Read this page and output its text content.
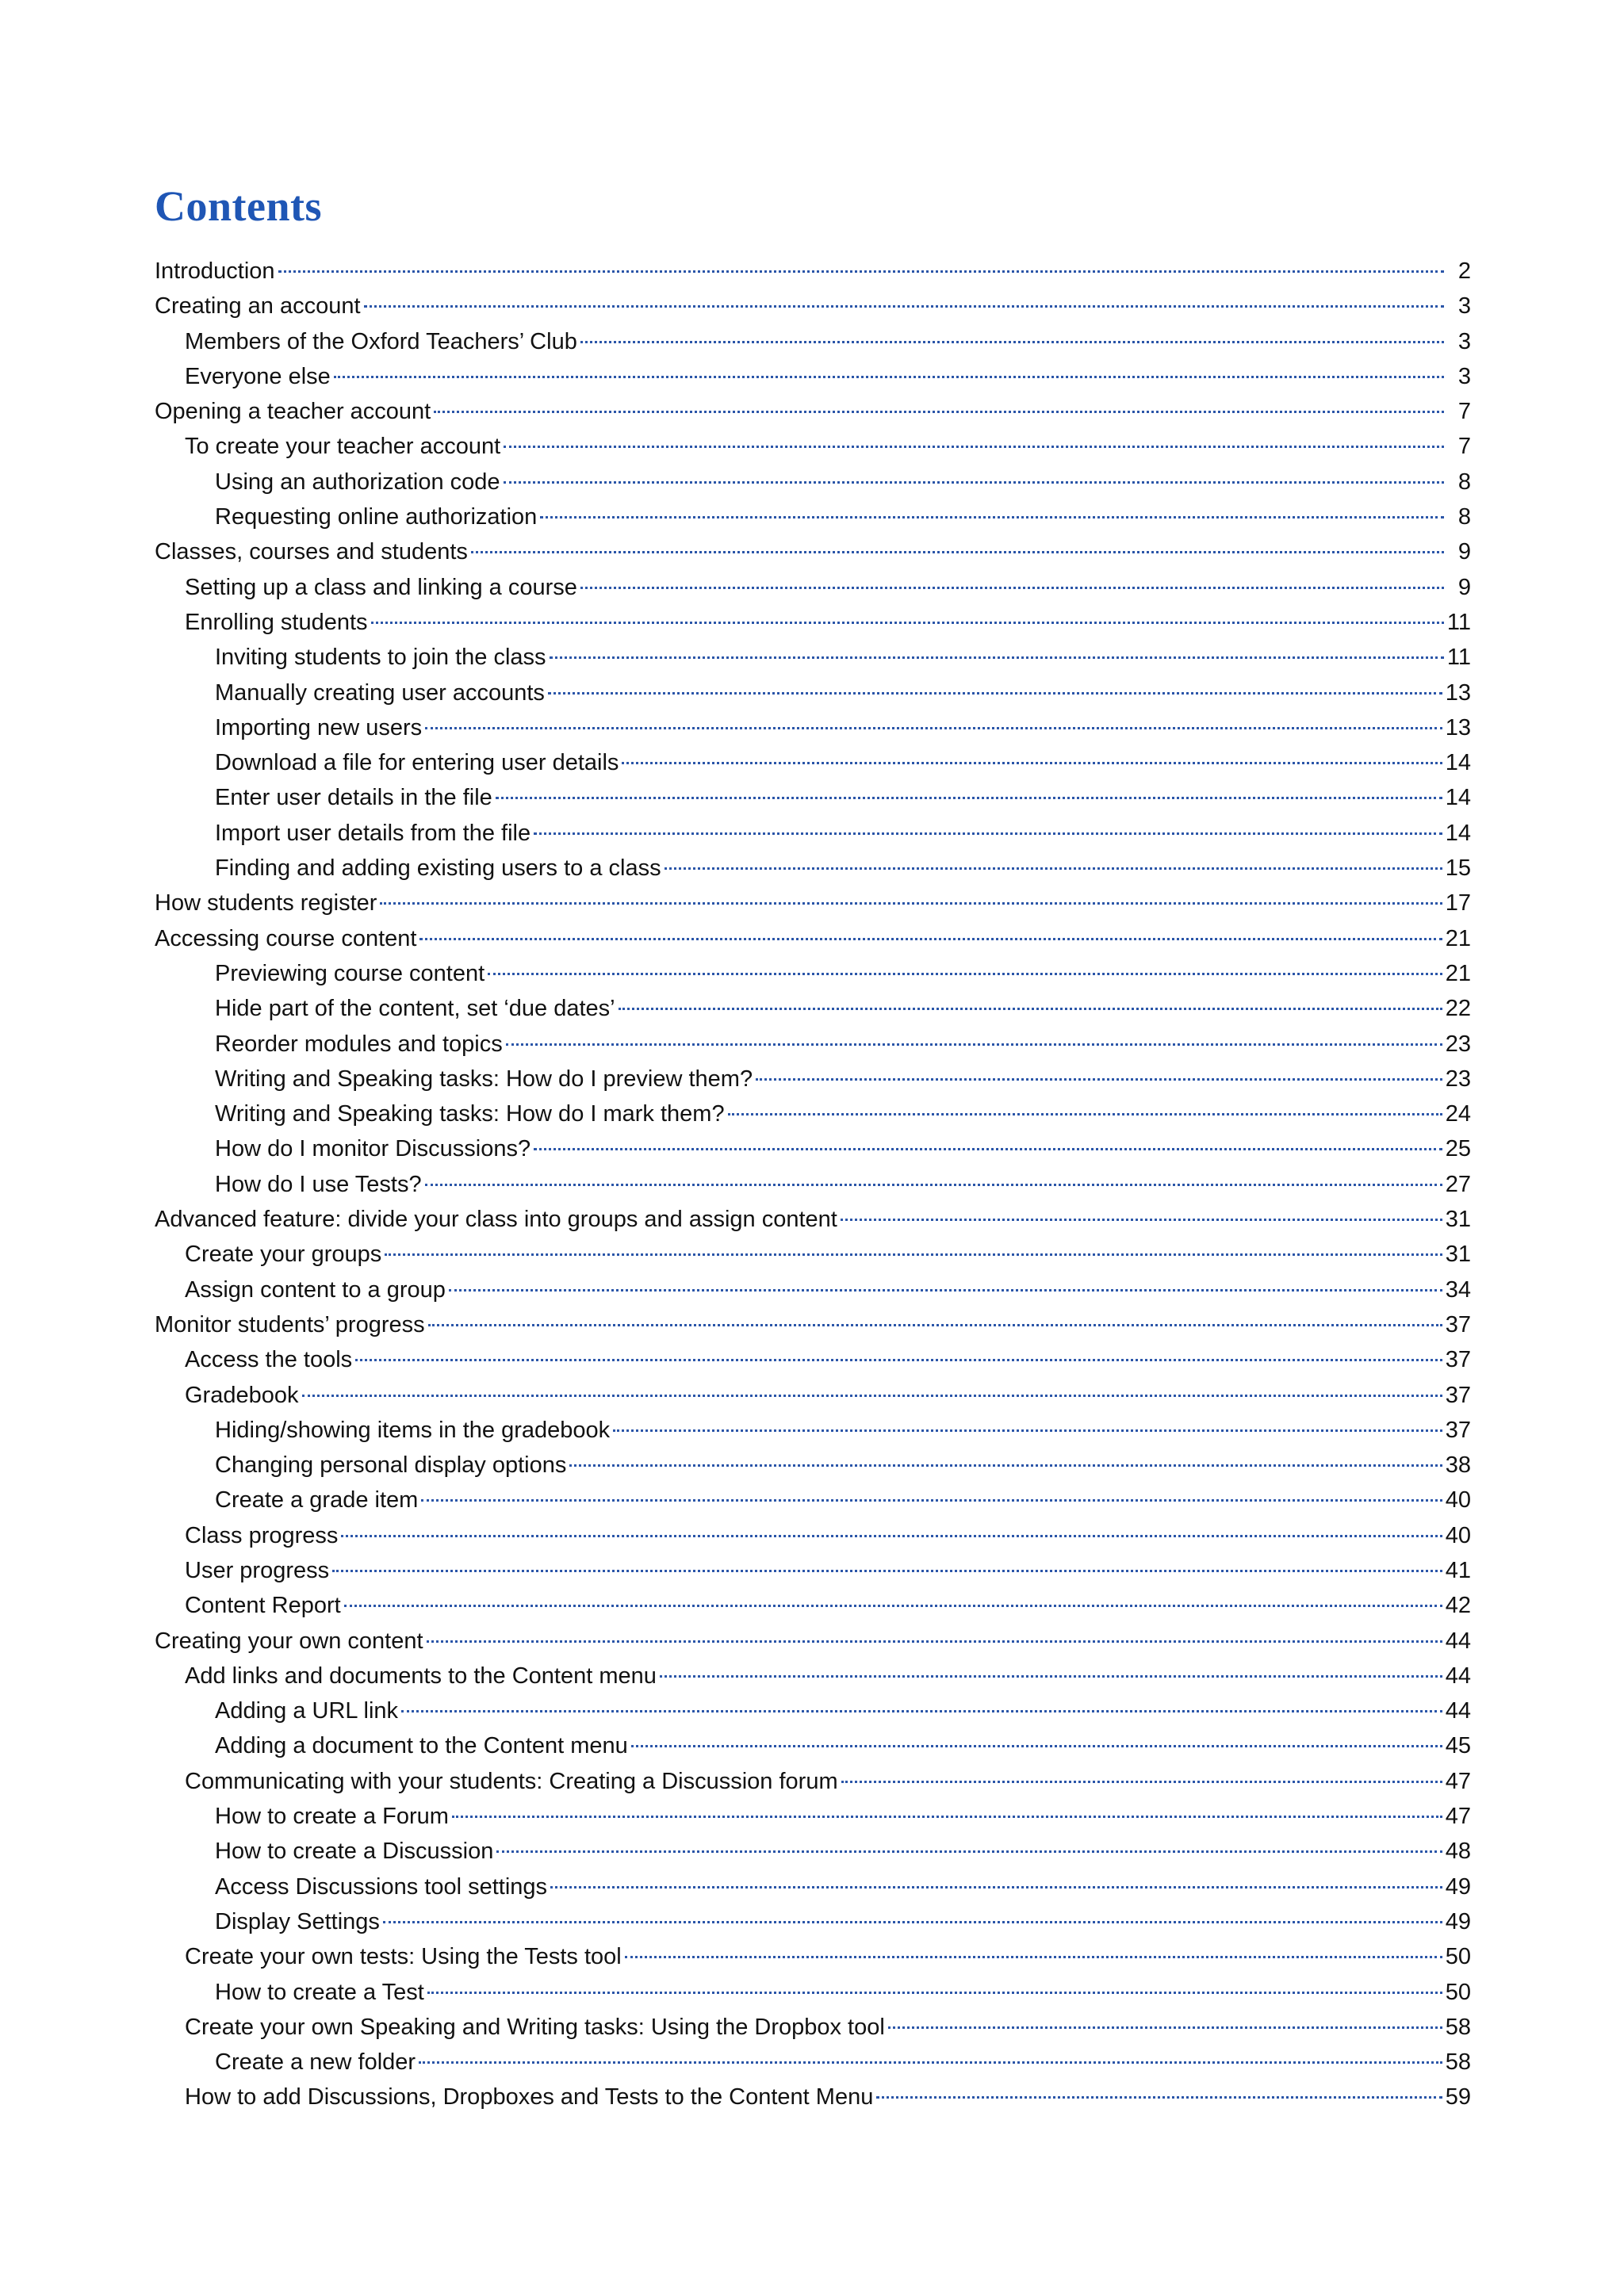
Contents
Introduction	2
Creating an account	3
Members of the Oxford Teachers’ Club	3
Everyone else	3
Opening a teacher account	7
To create your teacher account	7
Using an authorization code	8
Requesting online authorization	8
Classes, courses and students	9
Setting up a class and linking a course	9
Enrolling students	11
Inviting students to join the class	11
Manually creating user accounts	13
Importing new users	13
Download a file for entering user details	14
Enter user details in the file	14
Import user details from the file	14
Finding and adding existing users to a class	15
How students register	17
Accessing course content	21
Previewing course content	21
Hide part of the content, set ‘due dates’	22
Reorder modules and topics	23
Writing and Speaking tasks: How do I preview them?	23
Writing and Speaking tasks: How do I mark them?	24
How do I monitor Discussions?	25
How do I use Tests?	27
Advanced feature: divide your class into groups and assign content	31
Create your groups	31
Assign content to a group	34
Monitor students’ progress	37
Access the tools	37
Gradebook	37
Hiding/showing items in the gradebook	37
Changing personal display options	38
Create a grade item	40
Class progress	40
User progress	41
Content Report	42
Creating your own content	44
Add links and documents to the Content menu	44
Adding a URL link	44
Adding a document to the Content menu	45
Communicating with your students: Creating a Discussion forum	47
How to create a Forum	47
How to create a Discussion	48
Access Discussions tool settings	49
Display Settings	49
Create your own tests: Using the Tests tool	50
How to create a Test	50
Create your own Speaking and Writing tasks: Using the Dropbox tool	58
Create a new folder	58
How to add Discussions, Dropboxes and Tests to the Content Menu	59
